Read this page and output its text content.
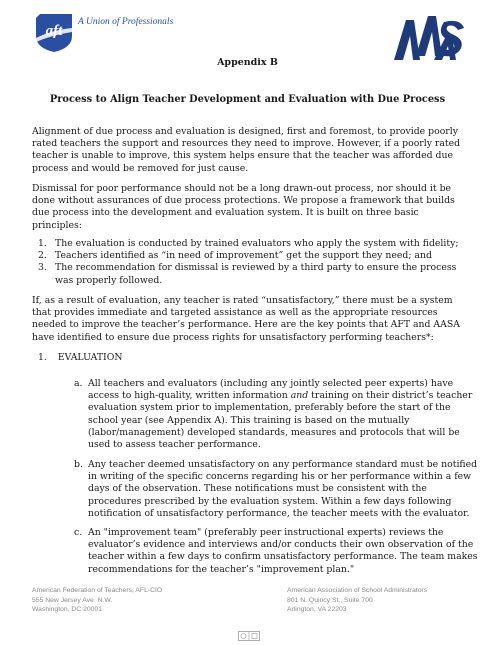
aft
A Union of Professionals
Appendix B
Process to Align Teacher Development and Evaluation with Due Process

Alignment of due process and evaluation is designed, first and foremost, to provide poorly rated teachers the support and resources they need to improve. However, if a poorly rated teacher is unable to improve, this system helps ensure that the teacher was afforded due process and would be removed for just cause.

Dismissal for poor performance should not be a long drawn-out process, nor should it be done without assurances of due process protections. We propose a framework that builds due process into the development and evaluation system. It is built on three basic principles:

1. The evaluation is conducted by trained evaluators who apply the system with fidelity;
2. Teachers identified as “in need of improvement” get the support they need; and
3. The recommendation for dismissal is reviewed by a third party to ensure the process was properly followed.

If, as a result of evaluation, any teacher is rated “unsatisfactory,” there must be a system that provides immediate and targeted assistance as well as the appropriate resources needed to improve the teacher’s performance. Here are the key points that AFT and AASA have identified to ensure due process rights for unsatisfactory performing teachers*:

1. EVALUATION
a. All teachers and evaluators (including any jointly selected peer experts) have access to high-quality, written information and training on their district’s teacher evaluation system prior to implementation, preferably before the start of the school year (see Appendix A). This training is based on the mutually (labor/management) developed standards, measures and protocols that will be used to assess teacher performance.
b. Any teacher deemed unsatisfactory on any performance standard must be notified in writing of the specific concerns regarding his or her performance within a few days of the observation. These notifications must be consistent with the procedures prescribed by the evaluation system. Within a few days following notification of unsatisfactory performance, the teacher meets with the evaluator.
c. An "improvement team" (preferably peer instructional experts) reviews the evaluator’s evidence and interviews and/or conducts their own observation of the teacher within a few days to confirm unsatisfactory performance. The team makes recommendations for the teacher’s "improvement plan."
American Federation of Teachers, AFL-CIO
555 New Jersey Ave. N.W.
Washington, DC 20001
American Association of School Administrators
801 N. Quincy St., Suite 700
Arlington, VA 22203
